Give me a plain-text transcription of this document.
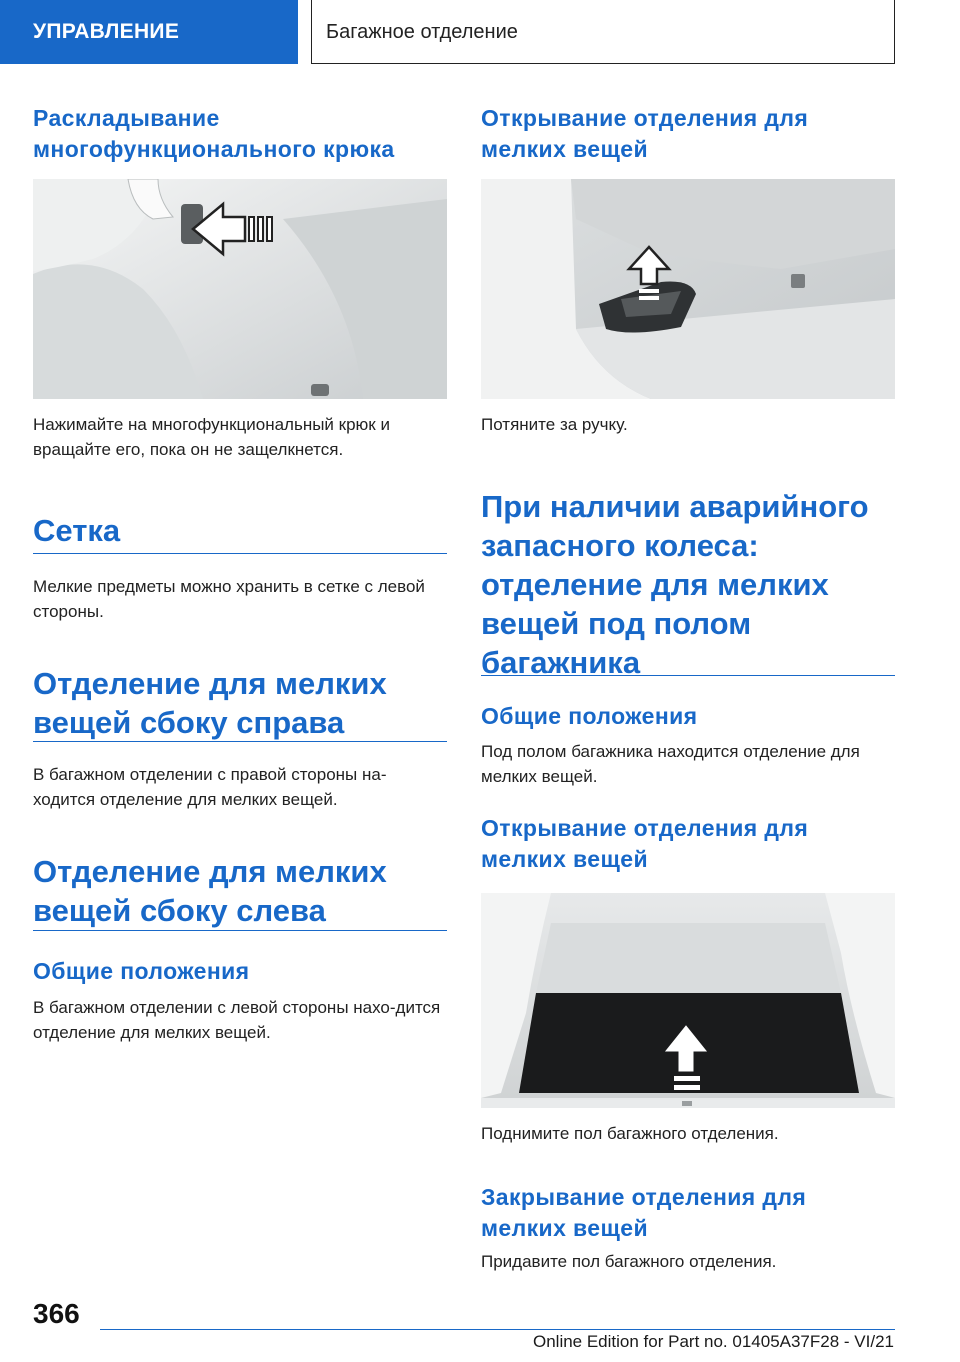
УПРАВЛЕНИЕ	Багажное отделение
Раскладывание многофункционального крюка

Нажимайте на многофункциональный крюк и вращайте его, пока он не защелкнется.

Сетка

Мелкие предметы можно хранить в сетке с левой стороны.

Отделение для мелких вещей сбоку справа

В багажном отделении с правой стороны на-ходится отделение для мелких вещей.

Отделение для мелких вещей сбоку слева
Общие положения

В багажном отделении с левой стороны нахо-дится отделение для мелких вещей.

Открывание отделения для мелких вещей

Потяните за ручку.

При наличии аварийного запасного колеса: отделение для мелких вещей под полом багажника
Общие положения

Под полом багажника находится отделение для мелких вещей.

Открывание отделения для мелких вещей

Поднимите пол багажного отделения.

Закрывание отделения для мелких вещей

Придавите пол багажного отделения.

366
Online Edition for Part no. 01405A37F28 - VI/21
